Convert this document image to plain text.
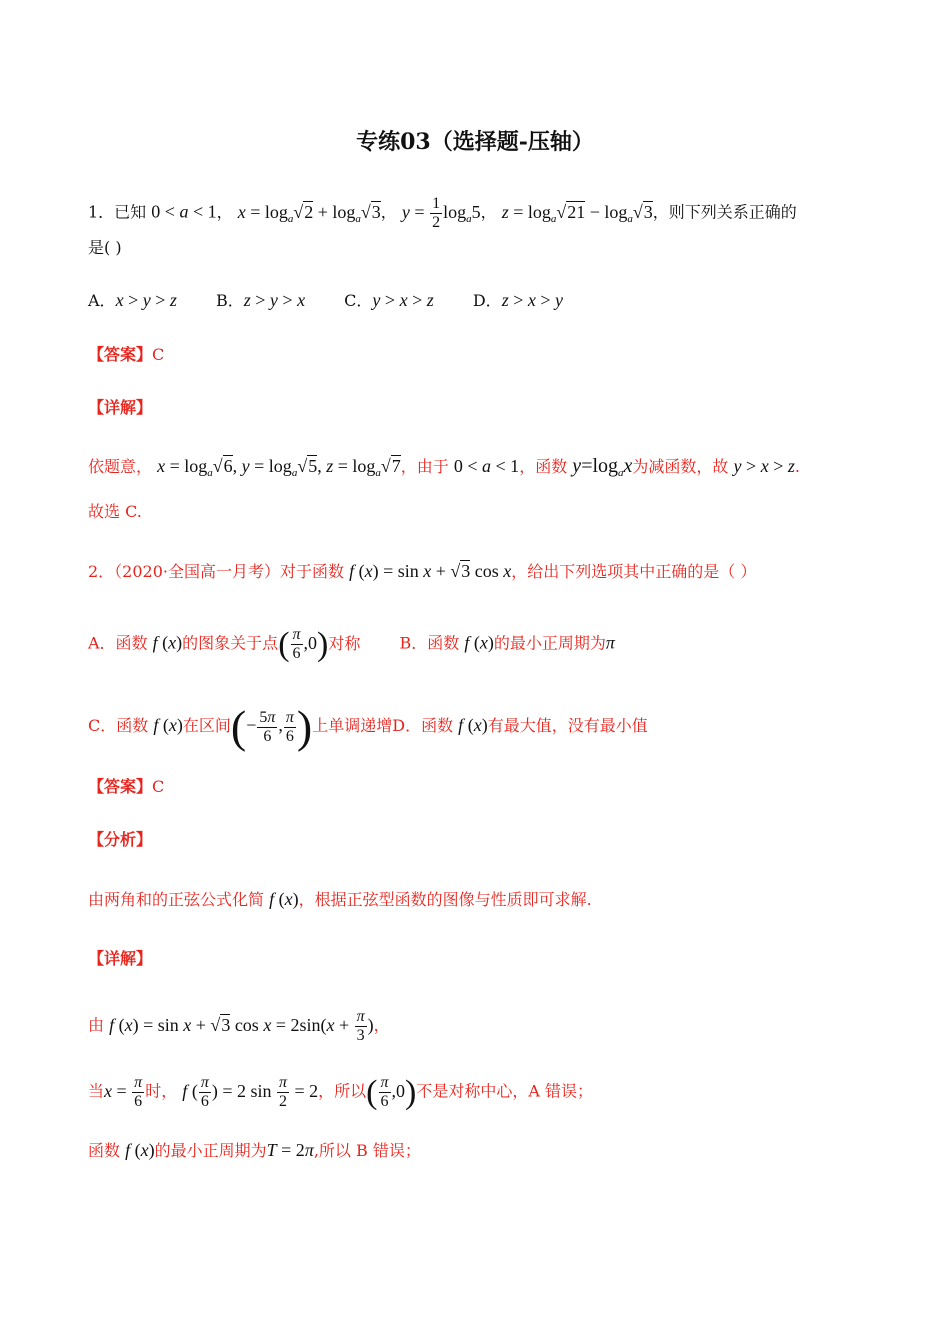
专练03（选择题-压轴）
1．已知 0 < a < 1， $x = \log_a√2 + \log_a√3$， $y = \frac{1}{2} \log_a5$， $z = \log_a√21 - \log_a√3$，则下列关系正确的
是( )
A．x > y > z B．z > y > x C．y > x > z D．z > x > y
【答案】C
【详解】
依题意， $x = \log_a√6$, $y = \log_a√5$, $z = \log_a√7$，由于 0 < a < 1，函数 $y=\log_ax$为减函数，故 y > x > z.
故选 C.
2．（2020·全国高一月考）对于函数 f (x) = sin x + √3 cos x，给出下列选项其中正确的是（ ）
A．函数 f (x)的图象关于点( $\frac{\pi}{6} ,0$)对称 B．函数 f (x)的最小正周期为π
C．函数 f (x)在区间(− $\frac{5\pi}{6}$ , $\frac{\pi}{6}$ )上单调递增D．函数 f (x)有最大值，没有最小值
【答案】C
【分析】
由两角和的正弦公式化简 f (x)，根据正弦型函数的图像与性质即可求解.
【详解】
由 f (x) = sin x + √3 $\cos x = 2\sin(x + \frac{\pi}{3}$ )，
当$x = \frac{\pi}{6}$ 时， f ( $\frac{\pi}{6}$ ) = 2 $\sin \frac{\pi}{2} = 2$，所以( $\frac{\pi}{6} ,0$)不是对称中心，A 错误；
函数 f (x)的最小正周期为T = 2π,所以 B 错误；
